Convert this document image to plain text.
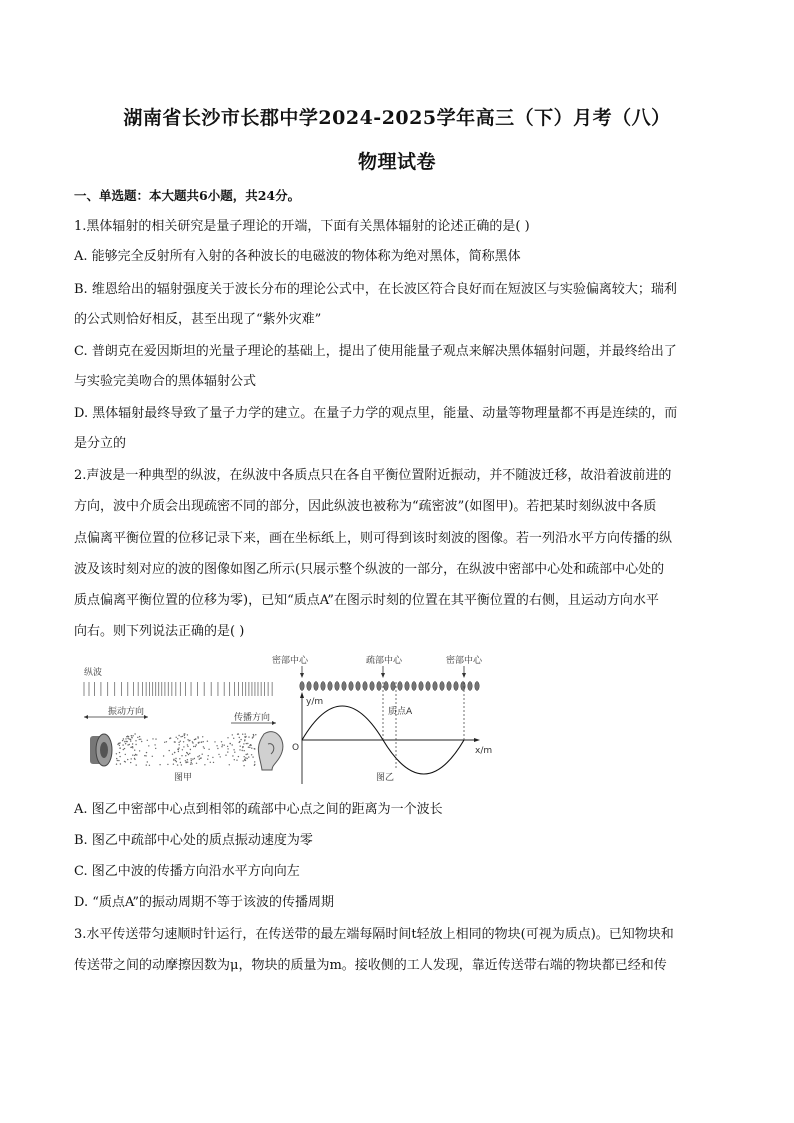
湖南省长沙市长郡中学2024-2025学年高三（下）月考（八）
物理试卷
一、单选题：本大题共6小题，共24分。
1.黑体辐射的相关研究是量子理论的开端，下面有关黑体辐射的论述正确的是( )
A. 能够完全反射所有入射的各种波长的电磁波的物体称为绝对黑体，简称黑体
B. 维恩给出的辐射强度关于波长分布的理论公式中，在长波区符合良好而在短波区与实验偏离较大；瑞利
的公式则恰好相反，甚至出现了“紫外灾难”
C. 普朗克在爱因斯坦的光量子理论的基础上，提出了使用能量子观点来解决黑体辐射问题，并最终给出了
与实验完美吻合的黑体辐射公式
D. 黑体辐射最终导致了量子力学的建立。在量子力学的观点里，能量、动量等物理量都不再是连续的，而
是分立的
2.声波是一种典型的纵波，在纵波中各质点只在各自平衡位置附近振动，并不随波迁移，故沿着波前进的
方向，波中介质会出现疏密不同的部分，因此纵波也被称为“疏密波”(如图甲)。若把某时刻纵波中各质
点偏离平衡位置的位移记录下来，画在坐标纸上，则可得到该时刻波的图像。若一列沿水平方向传播的纵
波及该时刻对应的波的图像如图乙所示(只展示整个纵波的一部分，在纵波中密部中心处和疏部中心处的
质点偏离平衡位置的位移为零)，已知“质点A”在图示时刻的位置在其平衡位置的右侧，且运动方向水平
向右。则下列说法正确的是( )
纵波
振动方向
传播方向
图甲
密部中心	疏部中心	密部中心
y/m
x/m
质点A
O
图乙
A. 图乙中密部中心点到相邻的疏部中心点之间的距离为一个波长
B. 图乙中疏部中心处的质点振动速度为零
C. 图乙中波的传播方向沿水平方向向左
D. “质点A”的振动周期不等于该波的传播周期
3.水平传送带匀速顺时针运行，在传送带的最左端每隔时间t轻放上相同的物块(可视为质点)。已知物块和
传送带之间的动摩擦因数为μ，物块的质量为m。接收侧的工人发现，靠近传送带右端的物块都已经和传
